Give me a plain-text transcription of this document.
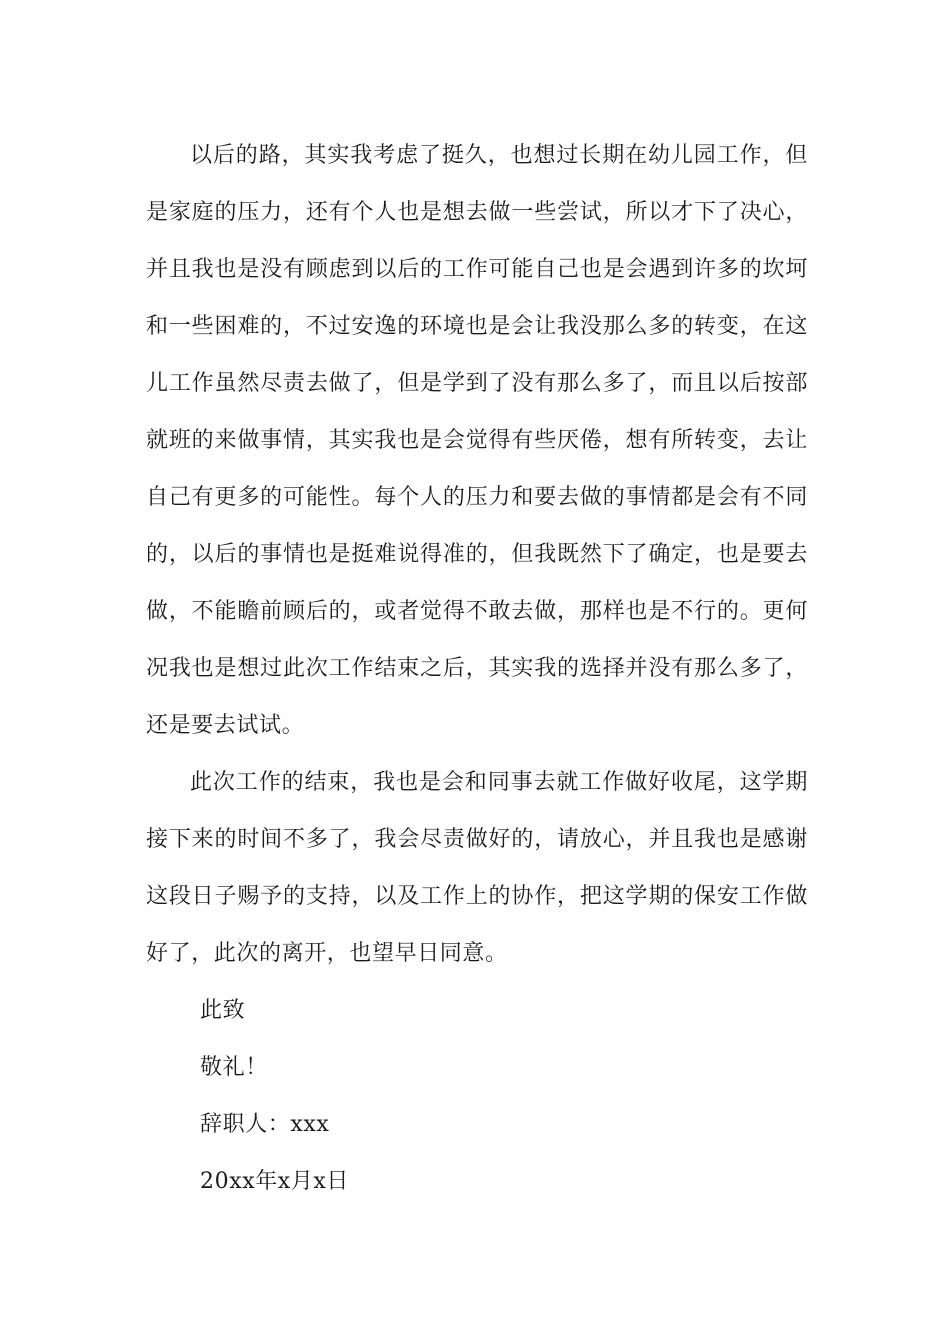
以后的路，其实我考虑了挺久，也想过长期在幼儿园工作，但是家庭的压力，还有个人也是想去做一些尝试，所以才下了决心，并且我也是没有顾虑到以后的工作可能自己也是会遇到许多的坎坷和一些困难的，不过安逸的环境也是会让我没那么多的转变，在这儿工作虽然尽责去做了，但是学到了没有那么多了，而且以后按部就班的来做事情，其实我也是会觉得有些厌倦，想有所转变，去让自己有更多的可能性。每个人的压力和要去做的事情都是会有不同的，以后的事情也是挺难说得准的，但我既然下了确定，也是要去做，不能瞻前顾后的，或者觉得不敢去做，那样也是不行的。更何况我也是想过此次工作结束之后，其实我的选择并没有那么多了，还是要去试试。

此次工作的结束，我也是会和同事去就工作做好收尾，这学期接下来的时间不多了，我会尽责做好的，请放心，并且我也是感谢这段日子赐予的支持，以及工作上的协作，把这学期的保安工作做好了，此次的离开，也望早日同意。

此致

敬礼！

辞职人：xxx

20xx年x月x日
